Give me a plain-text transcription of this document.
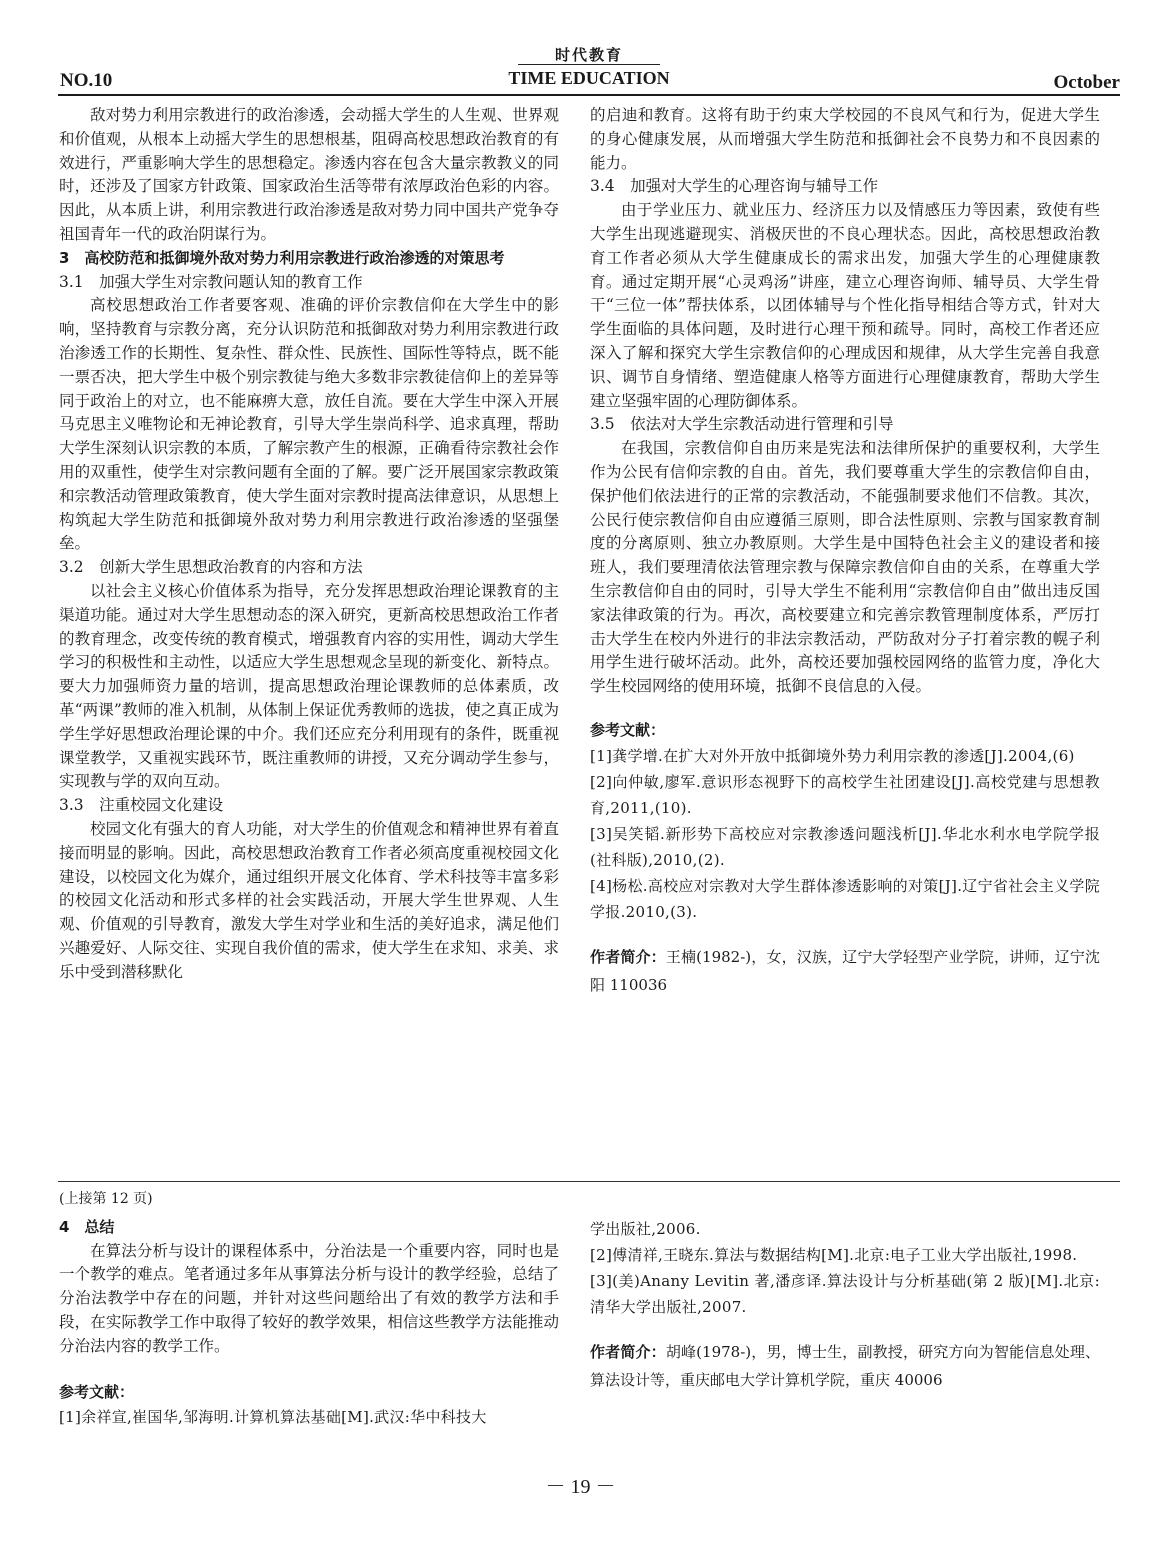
时代教育
NO.10	TIME EDUCATION	October

敌对势力利用宗教进行的政治渗透，会动摇大学生的人生观、世界观和价值观，从根本上动摇大学生的思想根基，阻碍高校思想政治教育的有效进行，严重影响大学生的思想稳定。渗透内容在包含大量宗教教义的同时，还涉及了国家方针政策、国家政治生活等带有浓厚政治色彩的内容。因此，从本质上讲，利用宗教进行政治渗透是敌对势力同中国共产党争夺祖国青年一代的政治阴谋行为。

3　高校防范和抵御境外敌对势力利用宗教进行政治渗透的对策思考

3.1　加强大学生对宗教问题认知的教育工作

高校思想政治工作者要客观、准确的评价宗教信仰在大学生中的影响，坚持教育与宗教分离，充分认识防范和抵御敌对势力利用宗教进行政治渗透工作的长期性、复杂性、群众性、民族性、国际性等特点，既不能一票否决，把大学生中极个别宗教徒与绝大多数非宗教徒信仰上的差异等同于政治上的对立，也不能麻痹大意，放任自流。要在大学生中深入开展马克思主义唯物论和无神论教育，引导大学生崇尚科学、追求真理，帮助大学生深刻认识宗教的本质，了解宗教产生的根源，正确看待宗教社会作用的双重性，使学生对宗教问题有全面的了解。要广泛开展国家宗教政策和宗教活动管理政策教育，使大学生面对宗教时提高法律意识，从思想上构筑起大学生防范和抵御境外敌对势力利用宗教进行政治渗透的坚强堡垒。

3.2　创新大学生思想政治教育的内容和方法

以社会主义核心价值体系为指导，充分发挥思想政治理论课教育的主渠道功能。通过对大学生思想动态的深入研究，更新高校思想政治工作者的教育理念，改变传统的教育模式，增强教育内容的实用性，调动大学生学习的积极性和主动性，以适应大学生思想观念呈现的新变化、新特点。要大力加强师资力量的培训，提高思想政治理论课教师的总体素质，改革“两课”教师的准入机制，从体制上保证优秀教师的选拔，使之真正成为学生学好思想政治理论课的中介。我们还应充分利用现有的条件，既重视课堂教学，又重视实践环节，既注重教师的讲授，又充分调动学生参与，实现教与学的双向互动。

3.3　注重校园文化建设

校园文化有强大的育人功能，对大学生的价值观念和精神世界有着直接而明显的影响。因此，高校思想政治教育工作者必须高度重视校园文化建设，以校园文化为媒介，通过组织开展文化体育、学术科技等丰富多彩的校园文化活动和形式多样的社会实践活动，开展大学生世界观、人生观、价值观的引导教育，激发大学生对学业和生活的美好追求，满足他们兴趣爱好、人际交往、实现自我价值的需求，使大学生在求知、求美、求乐中受到潜移默化

的启迪和教育。这将有助于约束大学校园的不良风气和行为，促进大学生的身心健康发展，从而增强大学生防范和抵御社会不良势力和不良因素的能力。

3.4　加强对大学生的心理咨询与辅导工作

由于学业压力、就业压力、经济压力以及情感压力等因素，致使有些大学生出现逃避现实、消极厌世的不良心理状态。因此，高校思想政治教育工作者必须从大学生健康成长的需求出发，加强大学生的心理健康教育。通过定期开展“心灵鸡汤”讲座，建立心理咨询师、辅导员、大学生骨干“三位一体”帮扶体系，以团体辅导与个性化指导相结合等方式，针对大学生面临的具体问题，及时进行心理干预和疏导。同时，高校工作者还应深入了解和探究大学生宗教信仰的心理成因和规律，从大学生完善自我意识、调节自身情绪、塑造健康人格等方面进行心理健康教育，帮助大学生建立坚强牢固的心理防御体系。

3.5　依法对大学生宗教活动进行管理和引导

在我国，宗教信仰自由历来是宪法和法律所保护的重要权利，大学生作为公民有信仰宗教的自由。首先，我们要尊重大学生的宗教信仰自由，保护他们依法进行的正常的宗教活动，不能强制要求他们不信教。其次，公民行使宗教信仰自由应遵循三原则，即合法性原则、宗教与国家教育制度的分离原则、独立办教原则。大学生是中国特色社会主义的建设者和接班人，我们要理清依法管理宗教与保障宗教信仰自由的关系，在尊重大学生宗教信仰自由的同时，引导大学生不能利用“宗教信仰自由”做出违反国家法律政策的行为。再次，高校要建立和完善宗教管理制度体系，严厉打击大学生在校内外进行的非法宗教活动，严防敌对分子打着宗教的幌子利用学生进行破坏活动。此外，高校还要加强校园网络的监管力度，净化大学生校园网络的使用环境，抵御不良信息的入侵。

参考文献：

[1]龚学增.在扩大对外开放中抵御境外势力利用宗教的渗透[J].2004,(6)

[2]向仲敏,廖军.意识形态视野下的高校学生社团建设[J].高校党建与思想教育,2011,(10).

[3]吴笑韬.新形势下高校应对宗教渗透问题浅析[J].华北水利水电学院学报(社科版),2010,(2).

[4]杨松.高校应对宗教对大学生群体渗透影响的对策[J].辽宁省社会主义学院学报.2010,(3).

作者简介：王楠(1982-)，女，汉族，辽宁大学轻型产业学院，讲师，辽宁沈阳 110036

(上接第 12 页)

4　总结

在算法分析与设计的课程体系中，分治法是一个重要内容，同时也是一个教学的难点。笔者通过多年从事算法分析与设计的教学经验，总结了分治法教学中存在的问题，并针对这些问题给出了有效的教学方法和手段，在实际教学工作中取得了较好的教学效果，相信这些教学方法能推动分治法内容的教学工作。

参考文献：

[1]余祥宣,崔国华,邹海明.计算机算法基础[M].武汉:华中科技大

学出版社,2006.

[2]傅清祥,王晓东.算法与数据结构[M].北京:电子工业大学出版社,1998.

[3](美)Anany Levitin 著,潘彦译.算法设计与分析基础(第 2 版)[M].北京:清华大学出版社,2007.

作者简介：胡峰(1978-)，男，博士生，副教授，研究方向为智能信息处理、算法设计等，重庆邮电大学计算机学院，重庆 40006

－ 19 －
